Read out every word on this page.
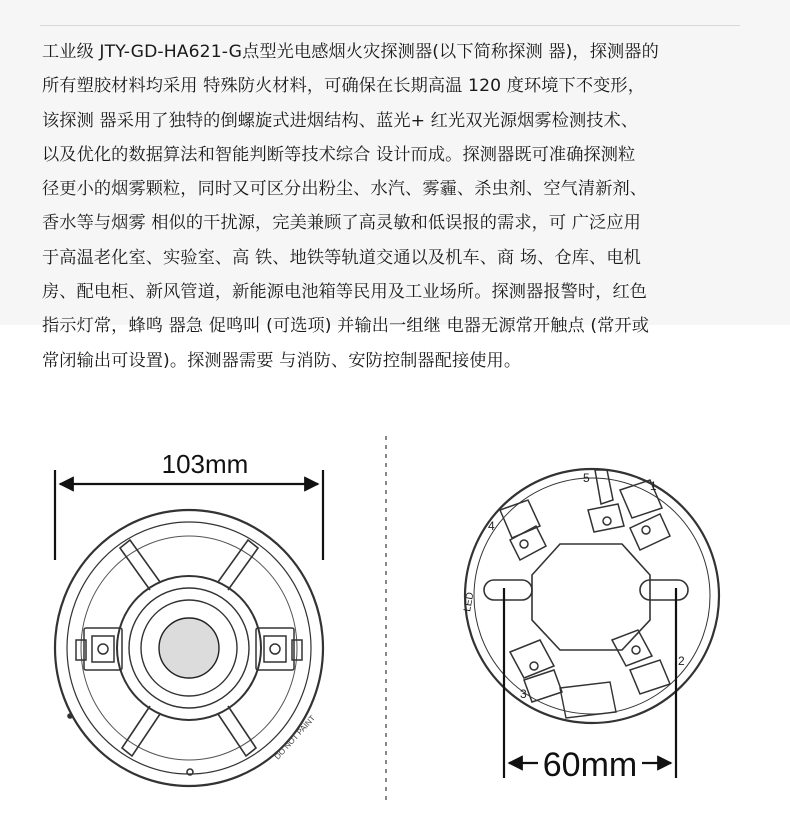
工业级 JTY-GD-HA621-G点型光电感烟火灾探测器(以下简称探测 器)，探测器的
所有塑胶材料均采用 特殊防火材料，可确保在长期高温 120 度环境下不变形，
该探测 器采用了独特的倒螺旋式进烟结构、蓝光+ 红光双光源烟雾检测技术、
以及优化的数据算法和智能判断等技术综合 设计而成。探测器既可准确探测粒
径更小的烟雾颗粒，同时又可区分出粉尘、水汽、雾霾、杀虫剂、空气清新剂、
香水等与烟雾 相似的干扰源，完美兼顾了高灵敏和低误报的需求，可 广泛应用
于高温老化室、实验室、高 铁、地铁等轨道交通以及机车、商 场、仓库、电机
房、配电柜、新风管道，新能源电池箱等民用及工业场所。探测器报警时，红色
指示灯常，蜂鸣 器急 促鸣叫 (可选项) 并输出一组继 电器无源常开触点 (常开或
常闭输出可设置)。探测器需要 与消防、安防控制器配接使用。
DO NOT PAINT
103mm	5
1
4
2
3
LED
60mm
